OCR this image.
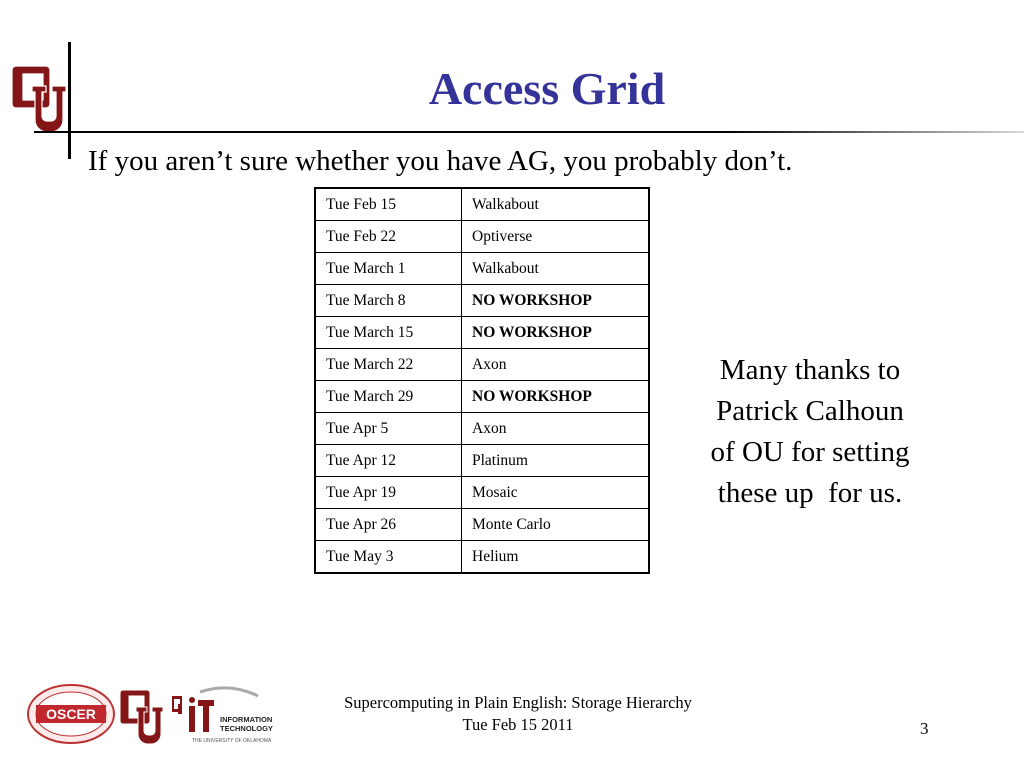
Access Grid
If you aren’t sure whether you have AG, you probably don’t.
Tue Feb 15	Walkabout
Tue Feb 22	Optiverse
Tue March 1	Walkabout
Tue March 8	NO WORKSHOP
Tue March 15	NO WORKSHOP
Tue March 22	Axon
Tue March 29	NO WORKSHOP
Tue Apr 5	Axon
Tue Apr 12	Platinum
Tue Apr 19	Mosaic
Tue Apr 26	Monte Carlo
Tue May 3	Helium
Many thanks to
Patrick Calhoun
of OU for setting
these up  for us.
OSCER	INFORMATION
TECHNOLOGY
THE UNIVERSITY OF OKLAHOMA
Supercomputing in Plain English: Storage Hierarchy
Tue Feb 15 2011	3
